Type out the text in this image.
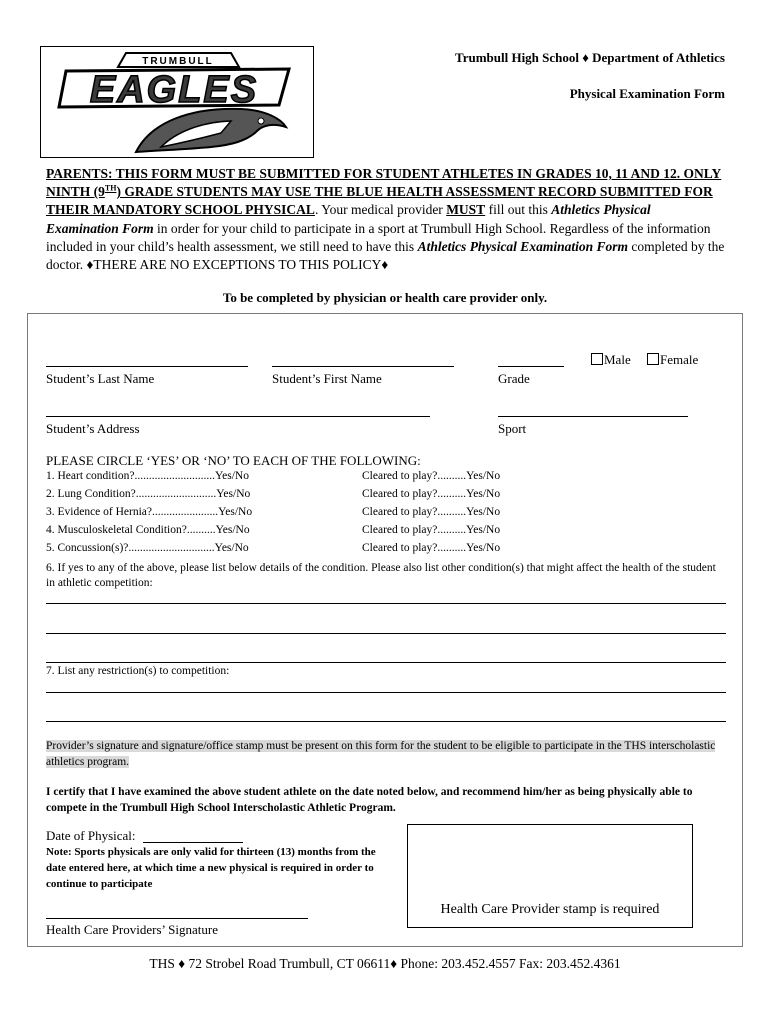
TRUMBULL
EAGLES
Trumbull High School ♦ Department of Athletics
Physical Examination Form
PARENTS: THIS FORM MUST BE SUBMITTED FOR STUDENT ATHLETES IN GRADES 10, 11 AND 12. ONLY NINTH (9TH) GRADE STUDENTS MAY USE THE BLUE HEALTH ASSESSMENT RECORD SUBMITTED FOR THEIR MANDATORY SCHOOL PHYSICAL. Your medical provider MUST fill out this Athletics Physical Examination Form in order for your child to participate in a sport at Trumbull High School. Regardless of the information included in your child’s health assessment, we still need to have this Athletics Physical Examination Form completed by the doctor. ♦THERE ARE NO EXCEPTIONS TO THIS POLICY♦
To be completed by physician or health care provider only.
Male	Female
Student’s Last Name	Student’s First Name	Grade
Student’s Address	Sport
PLEASE CIRCLE ‘YES’ OR ‘NO’ TO EACH OF THE FOLLOWING:
1. Heart condition?............................Yes/No	Cleared to play?..........Yes/No
2. Lung Condition?............................Yes/No	Cleared to play?..........Yes/No
3. Evidence of Hernia?.......................Yes/No	Cleared to play?..........Yes/No
4. Musculoskeletal Condition?..........Yes/No	Cleared to play?..........Yes/No
5. Concussion(s)?..............................Yes/No	Cleared to play?..........Yes/No
6. If yes to any of the above, please list below details of the condition. Please also list other condition(s) that might affect the health of the student in athletic competition:
7. List any restriction(s) to competition:
Provider’s signature and signature/office stamp must be present on this form for the student to be eligible to participate in the THS interscholastic athletics program.
I certify that I have examined the above student athlete on the date noted below, and recommend him/her as being physically able to compete in the Trumbull High School Interscholastic Athletic Program.
Date of Physical:
Note: Sports physicals are only valid for thirteen (13) months from the date entered here, at which time a new physical is required in order to continue to participate
Health Care Providers’ Signature
Health Care Provider stamp is required
THS ♦ 72 Strobel Road Trumbull, CT 06611♦ Phone: 203.452.4557 Fax: 203.452.4361
